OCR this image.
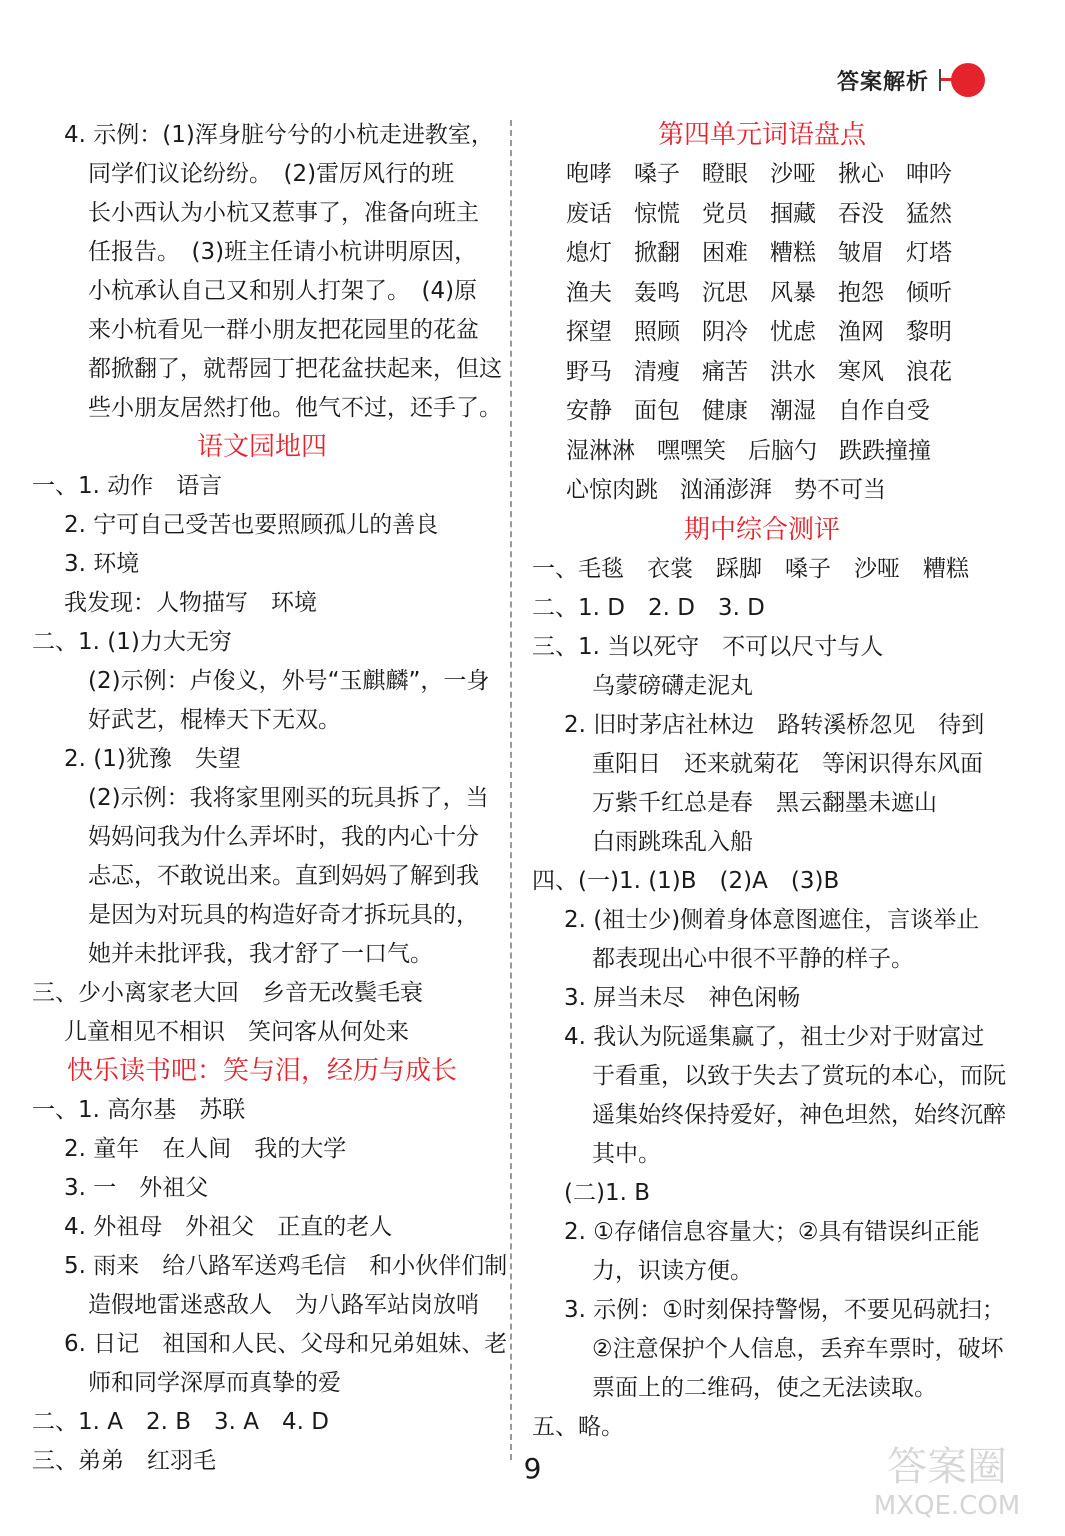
答案解析
4. 示例：(1)浑身脏兮兮的小杭走进教室，
同学们议论纷纷。　(2)雷厉风行的班
长小西认为小杭又惹事了，准备向班主
任报告。　(3)班主任请小杭讲明原因，
小杭承认自己又和别人打架了。　(4)原
来小杭看见一群小朋友把花园里的花盆
都掀翻了，就帮园丁把花盆扶起来，但这
些小朋友居然打他。他气不过，还手了。
语文园地四
一、1. 动作　语言
2. 宁可自己受苦也要照顾孤儿的善良
3. 环境
我发现：人物描写　环境
二、1. (1)力大无穷
(2)示例：卢俊义，外号“玉麒麟”，一身
好武艺，棍棒天下无双。
2. (1)犹豫　失望
(2)示例：我将家里刚买的玩具拆了，当
妈妈问我为什么弄坏时，我的内心十分
忐忑，不敢说出来。直到妈妈了解到我
是因为对玩具的构造好奇才拆玩具的，
她并未批评我，我才舒了一口气。
三、少小离家老大回　乡音无改鬓毛衰
儿童相见不相识　笑问客从何处来
快乐读书吧：笑与泪，经历与成长
一、1. 高尔基　苏联
2. 童年　在人间　我的大学
3. 一　外祖父
4. 外祖母　外祖父　正直的老人
5. 雨来　给八路军送鸡毛信　和小伙伴们制
造假地雷迷惑敌人　为八路军站岗放哨
6. 日记　祖国和人民、父母和兄弟姐妹、老
师和同学深厚而真挚的爱
二、1. A　2. B　3. A　4. D
三、弟弟　红羽毛
第四单元词语盘点
咆哮 嗓子 瞪眼 沙哑 揪心 呻吟
废话 惊慌 党员 掴藏 吞没 猛然
熄灯 掀翻 困难 糟糕 皱眉 灯塔
渔夫 轰鸣 沉思 风暴 抱怨 倾听
探望 照顾 阴冷 忧虑 渔网 黎明
野马 清瘦 痛苦 洪水 寒风 浪花
安静 面包 健康 潮湿 自作自受
湿淋淋 嘿嘿笑 后脑勺 跌跌撞撞
心惊肉跳 汹涌澎湃 势不可当
期中综合测评
一、毛毯　衣裳　踩脚　嗓子　沙哑　糟糕
二、1. D　2. D　3. D
三、1. 当以死守　不可以尺寸与人
乌蒙磅礴走泥丸
2. 旧时茅店社林边　路转溪桥忽见　待到
重阳日　还来就菊花　等闲识得东风面
万紫千红总是春　黑云翻墨未遮山
白雨跳珠乱入船
四、(一)1. (1)B　(2)A　(3)B
2. (祖士少)侧着身体意图遮住，言谈举止
都表现出心中很不平静的样子。
3. 屏当未尽　神色闲畅
4. 我认为阮遥集赢了，祖士少对于财富过
于看重，以致于失去了赏玩的本心，而阮
遥集始终保持爱好，神色坦然，始终沉醉
其中。
(二)1. B
2. ①存储信息容量大；②具有错误纠正能
力，识读方便。
3. 示例：①时刻保持警惕，不要见码就扫；
②注意保护个人信息，丢弃车票时，破坏
票面上的二维码，使之无法读取。
五、略。
9	答案圈
MXQE.COM
